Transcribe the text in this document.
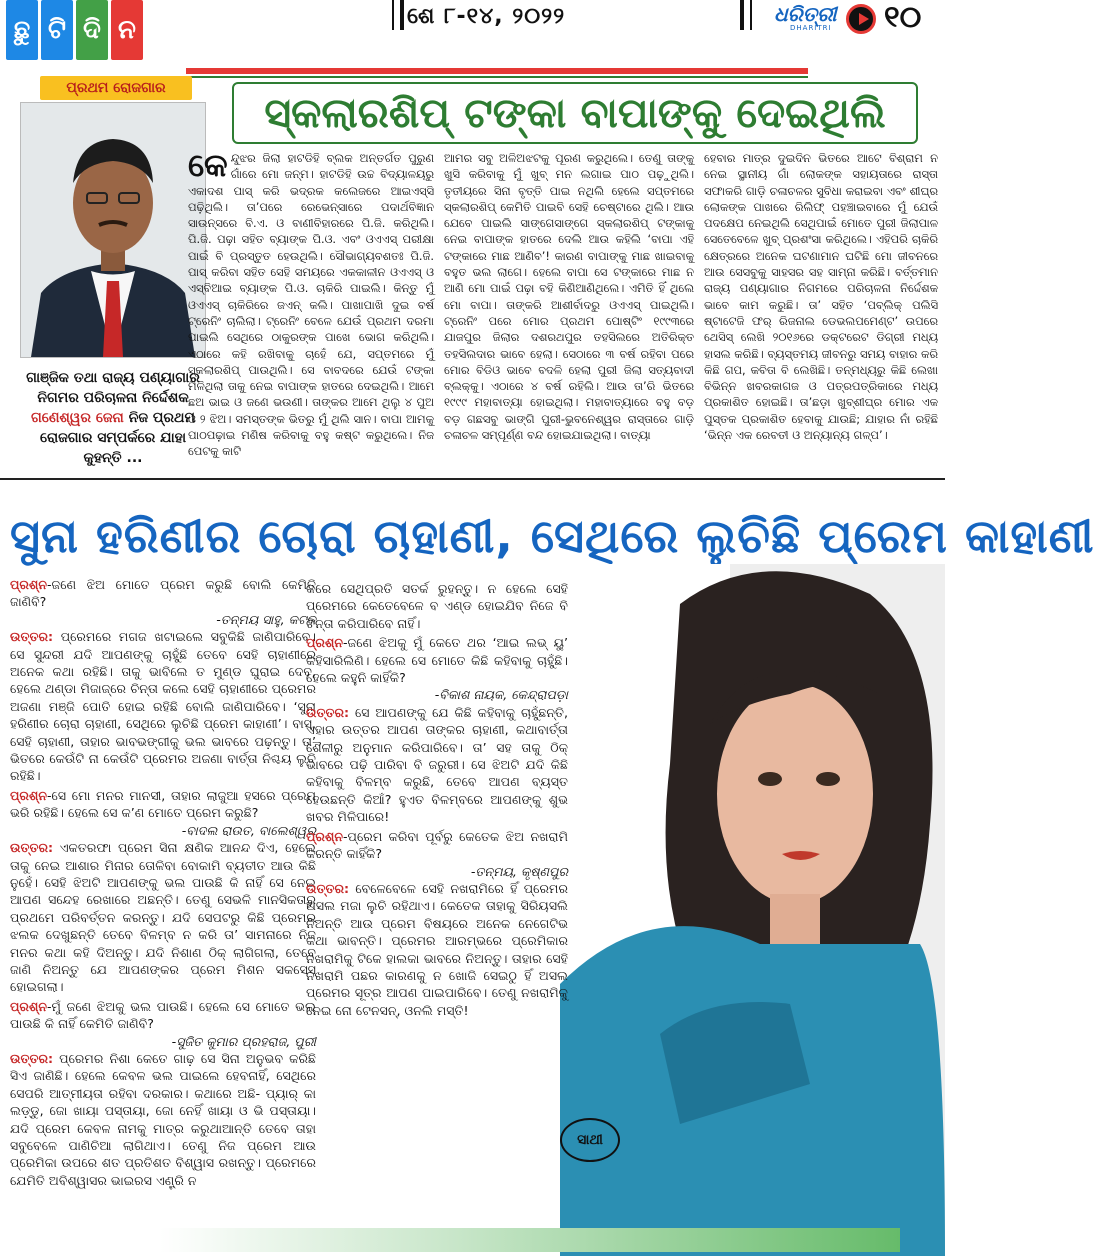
ଛୁ ଟି ଦି ନ	ଶେ ୮-୧୪, ୨୦୨୨	ଧରିତ୍ରୀ
DHARITRI ୧୦
ପ୍ରଥମ ରୋଜଗାର
ସ୍କଲାରଶିପ୍ ଟଙ୍କା ବାପାଙ୍କୁ ଦେଇଥିଲି
ଗାଞ୍ଜିକ ତଥା ରାଜ୍ୟ ପଣ୍ୟାଗାର ନିଗମର ପରିଚାଳନା ନିର୍ଦ୍ଦେଶକ ଗଣେଶ୍ୱର ଜେନା ନିଜ ପ୍ରଥମ ରୋଜଗାର ସମ୍ପର୍କରେ ଯାହା କୁହନ୍ତି ...
କେନ୍ଦୁଝର ଜିଲା ହାଟଡିହି ବ୍ଲକ ଅନ୍ତର୍ଗତ ପୁରୁଣ ଗାଁରେ ମୋ ଜନ୍ମ। ହାଟଡିହି ଉଚ୍ଚ ବିଦ୍ୟାଳୟରୁ ଏକାଦଶ ପାସ୍ କରି ଭଦ୍ରକ କଲେଜରେ ଆଇଏସ୍‌ସି ପଢ଼ିଥିଲି। ତା’ପରେ ରେଭେନ୍ସାରେ ପଦାର୍ଥବିଜ୍ଞାନ ସାଉନ୍ସରେ ବି.ଏ. ଓ ବାଣୀବିହାରରେ ପି.ଜି. କରିଥିଲି। ପି.ଜି. ପଢ଼ା ସହିତ ବ୍ୟାଙ୍କ ପି.ଓ. ଏବଂ ଓଏଏସ୍ ପରୀକ୍ଷା ପାଇଁ ବି ପ୍ରସ୍ତୁତ ହେଉଥିଲି। ସୌଭାଗ୍ୟବଶତଃ ପି.ଜି. ପାସ୍ କରିବା ସହିତ ସେହି ସମୟରେ ଏକକାଳୀନ ଓଏଏସ୍ ଓ ଏସ୍‌ବିଆଇ ବ୍ୟାଙ୍କ ପି.ଓ. ଚାକିରି ପାଇଲି। କିନ୍ତୁ ମୁଁ ଓଏଏସ୍ ଚାକିରିରେ ଜଏନ୍ କଲି। ପାଖାପାଖି ଦୁଇ ବର୍ଷ ଟ୍ରେନିଂ ଚାଲିଲା। ଟ୍ରେନିଂ ବେଳେ ଯେଉଁ ପ୍ରଥମ ଦରମା ପାଇଲି ସେଥିରେ ଠାକୁରଙ୍କ ପାଖେ ଭୋଗ କରିଥିଲି। ଏଠାରେ କହି ରଖିବାକୁ ଚାହେଁ ଯେ, ସପ୍ତମରେ ମୁଁ ସ୍କଲାରଶିପ୍ ପାଉଥିଲି। ସେ ବାବଦରେ ଯେଉଁ ଟଙ୍କା ମିଳିଥିଲା ତାକୁ ନେଇ ବାପାଙ୍କ ହାତରେ ଦେଇଥିଲି। ଆମେ ଛଅ ଭାଇ ଓ ଜଣେ ଭଉଣୀ। ତାଙ୍କର ଆମେ ଥିଲୁ ୪ ପୁଅ ଓ ୨ ଝିଅ। ସମସ୍ତଙ୍କ ଭିତରୁ ମୁଁ ଥିଲି ସାନ। ବାପା ଆମକୁ ପାଠପଢ଼ାଇ ମଣିଷ କରିବାକୁ ବହୁ କଷ୍ଟ କରୁଥିଲେ। ନିଜ ପେଟକୁ କାଟି
ଆମର ସବୁ ଅଳିଅଝଟକୁ ପୂରଣ କରୁଥିଲେ। ତେଣୁ ତାଙ୍କୁ ଖୁସି କରିବାକୁ ମୁଁ ଖୁବ୍ ମନ ଲଗାଇ ପାଠ ପଢ଼ୁଥିଲି। ତୃତୀୟରେ ସିନା ବୃତ୍ତି ପାଇ ନଥିଲି ହେଲେ ସପ୍ତମରେ ସ୍କଲାରଶିପ୍ କେମିତି ପାଇବି ସେହି ଚେଷ୍ଟାରେ ଥିଲି। ଆଉ ଯେବେ ପାଇଲି ସାଙ୍ଗେସାଙ୍ଗେ ସ୍କଲାରଶିପ୍ ଟଙ୍କାକୁ ନେଇ ବାପାଙ୍କ ହାତରେ ଦେଲି ଆଉ କହିଲି ‘ବାପା ଏହି ଟଙ୍କାରେ ମାଛ ଆଣିବ’! କାରଣ ବାପାଙ୍କୁ ମାଛ ଖାଇବାକୁ ବହୁତ ଭଲ ଲାଗେ। ହେଲେ ବାପା ସେ ଟଙ୍କାରେ ମାଛ ନ ଆଣି ମୋ ପାଇଁ ପଢ଼ା ବହି କିଣିଆଣିଥିଲେ। ଏମିତି ହିଁ ଥିଲେ ମୋ ବାପା। ତାଙ୍କରି ଆଶୀର୍ବାଦରୁ ଓଏଏସ୍ ପାଇଥିଲି। ଟ୍ରେନିଂ ପରେ ମୋର ପ୍ରଥମ ପୋଷ୍ଟିଂ ୧୯୯୩ରେ ଯାଜପୁର ଜିଲାର ଦଶରଥପୁର ତହସିଲରେ ଅତିରିକ୍ତ ତହସିଲଦାର ଭାବେ ହେଲା। ସେଠାରେ ୩ ବର୍ଷ ରହିବା ପରେ ମୋର ବିଡିଓ ଭାବେ ବଦଳି ହେଲା ପୁରୀ ଜିଲା ସତ୍ୟବାଦୀ ବ୍ଲକ୍‌କୁ। ଏଠାରେ ୪ ବର୍ଷ ରହିଲି। ଆଉ ତା’ରି ଭିତରେ ୧୯୯୯ ମହାବାତ୍ୟା ହୋଇଥିଲା। ମହାବାତ୍ୟାରେ ବହୁ ବଡ଼ ବଡ଼ ଗଛସବୁ ଭାଙ୍ଗି ପୁରୀ-ଭୁବନେଶ୍ୱର ରାସ୍ତାରେ ଗାଡ଼ି ଚଳାଚଳ ସମ୍ପୂର୍ଣ୍ଣ ବନ୍ଦ ହୋଇଯାଇଥିଲା। ବାତ୍ୟା
ହେବାର ମାତ୍ର ଦୁଇଦିନ ଭିତରେ ଆଟେ ବିଶ୍ରାମ ନ ନେଇ ସ୍ଥାନୀୟ ଗାଁ ଲୋକଙ୍କ ସହାୟତାରେ ରାସ୍ତା ସଫାକରି ଗାଡ଼ି ଚଳାଚଳର ସୁବିଧା କରାଇବା ଏବଂ ଶୀଘ୍ର ଲୋକଙ୍କ ପାଖରେ ରିଲିଫ୍ ପହଞ୍ଚାଇବାରେ ମୁଁ ଯେଉଁ ପଦକ୍ଷେପ ନେଇଥିଲି ସେଥିପାଇଁ ମୋତେ ପୁରୀ ଜିଲାପାଳ ସେତେବେଳେ ଖୁବ୍ ପ୍ରଶଂସା କରିଥିଲେ। ଏହିପରି ଚାକିରି କ୍ଷେତ୍ରରେ ଅନେକ ଘଟଣାମାନ ଘଟିଛି ମୋ ଜୀବନରେ ଆଉ ସେସବୁକୁ ସାହସର ସହ ସାମ୍ନା କରିଛି। ବର୍ତ୍ତମାନ ରାଜ୍ୟ ପଣ୍ୟାଗାର ନିଗମରେ ପରିଚାଳନା ନିର୍ଦ୍ଦେଶକ ଭାବେ କାମ କରୁଛି। ତା’ ସହିତ ‘ପବ୍ଲିକ୍ ପଲିସି ଷ୍ଟାଟେଜି ଫର୍ ରିଜନାଲ ଡେଭଲପମେଣ୍ଟ’ ଉପରେ ଥେସିସ୍ ଲେଖି ୨୦୧୬ରେ ଡକ୍ଟରେଟ ଡିଗ୍ରୀ ମଧ୍ୟ ହାସଲ କରିଛି। ବ୍ୟସ୍ତମୟ ଜୀବନରୁ ସମୟ ବାହାର କରି କିଛି ଗପ, କବିତା ବି ଲେଖିଛି। ତନ୍ମଧ୍ୟରୁ କିଛି ଲେଖା ବିଭିନ୍ନ ଖବରକାଗଜ ଓ ପତ୍ରପତ୍ରିକାରେ ମଧ୍ୟ ପ୍ରକାଶିତ ହୋଇଛି। ତା’ଛଡ଼ା ଖୁବ୍‌ଶୀଘ୍ର ମୋର ଏକ ପୁସ୍ତକ ପ୍ରକାଶିତ ହେବାକୁ ଯାଉଛି; ଯାହାର ନାଁ ରହିଛି ‘ଭିନ୍ନ ଏକ ରେବତୀ ଓ ଅନ୍ୟାନ୍ୟ ଗଳ୍ପ’।
ସୁନା ହରିଣୀର ଚୋରା ଚାହାଣୀ, ସେଥିରେ ଲୁଚିଛି ପ୍ରେମ କାହାଣୀ
ପ୍ରଶ୍ନ-ଜଣେ ଝିଅ ମୋତେ ପ୍ରେମ କରୁଛି ବୋଲି କେମିତି ଜାଣିବି?
-ତନ୍ମୟ ସାହୁ, କଟକ
ଉତ୍ତର: ପ୍ରେମରେ ମଗଜ ଖଟାଇଲେ ସବୁକିଛି ଜାଣିପାରିବେ। ସେ ସୁନ୍ଦରୀ ଯଦି ଆପଣଙ୍କୁ ଚାହୁଁଛି ତେବେ ସେହି ଚାହାଣୀରେ ଅନେକ କଥା ରହିଛି। ତାକୁ ଭାବିଲେ ତ ମୁଣ୍ଡ ଘୁରାଇ ଦେବ, ହେଲେ ଥଣ୍ଡା ମିଜାଜ୍‌ରେ ଚିନ୍ତା କଲେ ସେହି ଚାହାଣୀରେ ପ୍ରେମର ଅଜଣା ମଞ୍ଜି ପୋତି ହୋଇ ରହିଛି ବୋଲି ଜାଣିପାରିବେ। ‘ସୁନା ହରିଣୀର ଚୋରା ଚାହାଣୀ, ସେଥିରେ ଲୁଚିଛି ପ୍ରେମ କାହାଣୀ’। ବାସ୍, ସେହି ଚାହାଣୀ, ତାହାର ଭାବଭଙ୍ଗୀକୁ ଭଲ ଭାବରେ ପଢ଼ନ୍ତୁ। ତା’ ଭିତରେ କେଉଁଟି ନା କେଉଁଟି ପ୍ରେମର ଅଜଣା ବାର୍ତ୍ତା ନିଶ୍ଚୟ ଲୁଚି ରହିଛି।
ପ୍ରଶ୍ନ-ସେ ମୋ ମନର ମାନସୀ, ତାହାର ଲାଜୁଆ ହସରେ ପ୍ରେମ ଭରି ରହିଛି। ହେଲେ ସେ କ’ଣ ମୋତେ ପ୍ରେମ କରୁଛି?
-ବାଦଲ ରାଉତ, ବାଲେଶ୍ୱର
ଉତ୍ତର: ଏକତରଫା ପ୍ରେମ ସିନା କ୍ଷଣିକ ଆନନ୍ଦ ଦିଏ, ହେଲେ ତାକୁ ନେଇ ଆଶାର ମିନାର ତୋଳିବା ବୋକାମି ବ୍ୟତୀତ ଆଉ କିଛି ନୁହେଁ। ସେହି ଝିଅଟି ଆପଣଙ୍କୁ ଭଲ ପାଉଛି କି ନାହିଁ ସେ ନେଇ ଆପଣ ସନ୍ଦେହ ରେଖାରେ ଅଛନ୍ତି। ତେଣୁ ସେଭଳି ମାନସିକତାରୁ ପ୍ରଥମେ ପରିବର୍ତ୍ତନ କରନ୍ତୁ। ଯଦି ସେପଟରୁ କିଛି ପ୍ରେମର ଝଲକ ଦେଖୁଛନ୍ତି ତେବେ ବିଳମ୍ବ ନ କରି ତା’ ସାମନାରେ ନିଜ ମନର କଥା କହି ଦିଅନ୍ତୁ। ଯଦି ନିଶାଣ ଠିକ୍ ଲାଗିଗଲା, ତେବେ ଜାଣି ନିଅନ୍ତୁ ଯେ ଆପଣଙ୍କର ପ୍ରେମ ମିଶନ ସକସେସ୍ ହୋଇଗଲା।
ପ୍ରଶ୍ନ-ମୁଁ ଜଣେ ଝିଅକୁ ଭଲ ପାଉଛି। ହେଲେ ସେ ମୋତେ ଭଲ ପାଉଛି କି ନାହିଁ କେମିତି ଜାଣିବି?
-ସୁଜିତ କୁମାର ପ୍ରହରାଜ, ପୁରୀ
ଉତ୍ତର: ପ୍ରେମର ନିଶା କେତେ ଗାଢ଼ ସେ ସିନା ଅନୁଭବ କରିଛି ସିଏ ଜାଣିଛି। ହେଲେ କେବଳ ଭଲ ପାଇଲେ ହେବନାହିଁ, ସେଥିରେ ସେପରି ଆତ୍ମୀୟତା ରହିବା ଦରକାର। କଥାରେ ଅଛି- ପ୍ୟାର୍ କା ଲଡ଼୍ଡୁ, ଜୋ ଖାୟା ପସ୍ତାୟା, ଜୋ ନେହିଁ ଖାୟା ଓ ଭି ପସ୍ତାୟା। ଯଦି ପ୍ରେମ କେବଳ ନାମକୁ ମାତ୍ର କରୁଥାଆନ୍ତି ତେବେ ତାହା ସବୁବେଳେ ପାଣିଚିଆ ଲାଗିଥାଏ। ତେଣୁ ନିଜ ପ୍ରେମ ଆଉ ପ୍ରେମିକା ଉପରେ ଶତ ପ୍ରତିଶତ ବିଶ୍ୱାସ ରଖନ୍ତୁ। ପ୍ରେମରେ ଯେମିତି ଅବିଶ୍ୱାସର ଭାଇରସ ଏଣ୍ଟ୍ରି ନ
କରେ ସେଥିପ୍ରତି ସତର୍କ ରୁହନ୍ତୁ। ନ ହେଲେ ସେହି ପ୍ରେମରେ କେତେବେଳେ ବ ଏଣ୍ଡ ହୋଇଯିବ ନିଜେ ବି ଚିନ୍ତା କରିପାରିବେ ନାହିଁ।
ପ୍ରଶ୍ନ-ଜଣେ ଝିଅକୁ ମୁଁ କେତେ ଥର ‘ଆଇ ଲଭ୍ ୟୁ’ କହିସାରିଲିଣି। ହେଲେ ସେ ମୋତେ କିଛି କହିବାକୁ ଚାହୁଁଛି। ହେଲେ କହୁନି କାହିଁକି?
-ବିକାଶ ନାୟକ, କେନ୍ଦ୍ରାପଡ଼ା
ଉତ୍ତର: ସେ ଆପଣଙ୍କୁ ଯେ କିଛି କହିବାକୁ ଚାହୁଁଛନ୍ତି, ଏହାର ଉତ୍ତର ଆପଣ ତାଙ୍କର ଚାହାଣୀ, କଥାବାର୍ତ୍ତା ଶୈଳୀରୁ ଅନୁମାନ କରିପାରିବେ। ତା’ ସହ ତାକୁ ଠିକ୍ ଭାବରେ ପଢ଼ି ପାରିବା ବି ଜରୁରୀ। ସେ ଝିଅଟି ଯଦି କିଛି କହିବାକୁ ବିଳମ୍ବ କରୁଛି, ତେବେ ଆପଣ ବ୍ୟସ୍ତ ହେଉଛନ୍ତି କିଆଁ? ହୁଏତ ବିଳମ୍ବରେ ଆପଣଙ୍କୁ ଶୁଭ ଖବର ମିଳିପାରେ!
ପ୍ରଶ୍ନ-ପ୍ରେମ କରିବା ପୂର୍ବରୁ କେତେକ ଝିଅ ନଖରାମି କରନ୍ତି କାହିଁକି?
-ତନ୍ମୟ, କୃଷ୍ଣପୁର
ଉତ୍ତର: ବେଳେବେଳେ ସେହି ନଖରାମିରେ ହିଁ ପ୍ରେମର ଅସଲ ମଜା ଲୁଚି ରହିଥାଏ। କେତେକ ତାହାକୁ ସିରିୟସଲି ନିଅନ୍ତି ଆଉ ପ୍ରେମ ବିଷୟରେ ଅନେକ ନେଗେଟିଭ କଥା ଭାବନ୍ତି। ପ୍ରେମର ଆରମ୍ଭରେ ପ୍ରେମିକାର ନଖରାମିକୁ ଟିକେ ହାଲକା ଭାବରେ ନିଅନ୍ତୁ। ତାହାର ସେହି ନଖରାମି ପଛର କାରଣକୁ ନ ଖୋଜି ସେଇଠୁ ହିଁ ଅସଲ ପ୍ରେମର ସୂତ୍ର ଆପଣ ପାଇପାରିବେ। ତେଣୁ ନଖରାମିକୁ ନେଇ ନୋ ଟେନସନ୍, ଓନଲି ମସ୍ତି!
ସାଥୀ
